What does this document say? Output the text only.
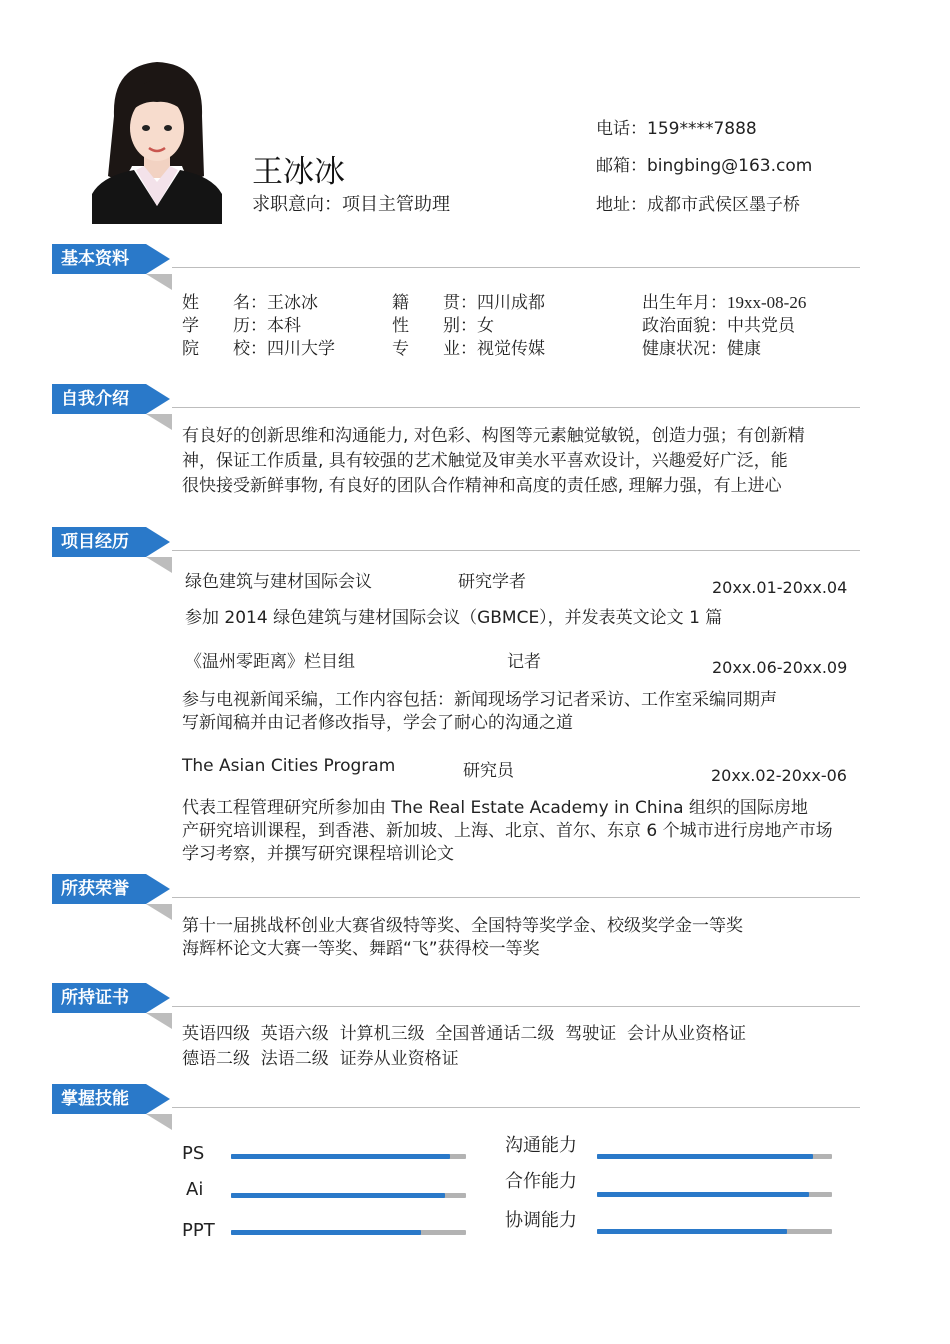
王冰冰
求职意向：项目主管助理
电话：159****7888
邮箱：bingbing@163.com
地址：成都市武侯区墨子桥
基本资料
姓　　名：王冰冰	籍　　贯：四川成都	出生年月：19xx-08-26
学　　历：本科	性　　别：女	政治面貌：中共党员
院　　校：四川大学	专　　业：视觉传媒	健康状况：健康
自我介绍
有良好的创新思维和沟通能力, 对色彩、构图等元素触觉敏锐，创造力强；有创新精
神，保证工作质量, 具有较强的艺术触觉及审美水平喜欢设计，兴趣爱好广泛，能
很快接受新鲜事物, 有良好的团队合作精神和高度的责任感, 理解力强，有上进心
项目经历
绿色建筑与建材国际会议	研究学者	20xx.01-20xx.04
参加 2014 绿色建筑与建材国际会议（GBMCE），并发表英文论文 1 篇
《温州零距离》栏目组	记者	20xx.06-20xx.09
参与电视新闻采编，工作内容包括：新闻现场学习记者采访、工作室采编同期声
写新闻稿并由记者修改指导，学会了耐心的沟通之道
The Asian Cities Program	研究员	20xx.02-20xx-06
代表工程管理研究所参加由 The Real Estate Academy in China 组织的国际房地
产研究培训课程，到香港、新加坡、上海、北京、首尔、东京 6 个城市进行房地产市场
学习考察，并撰写研究课程培训论文
所获荣誉
第十一届挑战杯创业大赛省级特等奖、全国特等奖学金、校级奖学金一等奖
海辉杯论文大赛一等奖、舞蹈“飞”获得校一等奖
所持证书
英语四级  英语六级  计算机三级  全国普通话二级  驾驶证  会计从业资格证
德语二级  法语二级  证券从业资格证
掌握技能
PS
Ai
PPT
沟通能力
合作能力
协调能力
